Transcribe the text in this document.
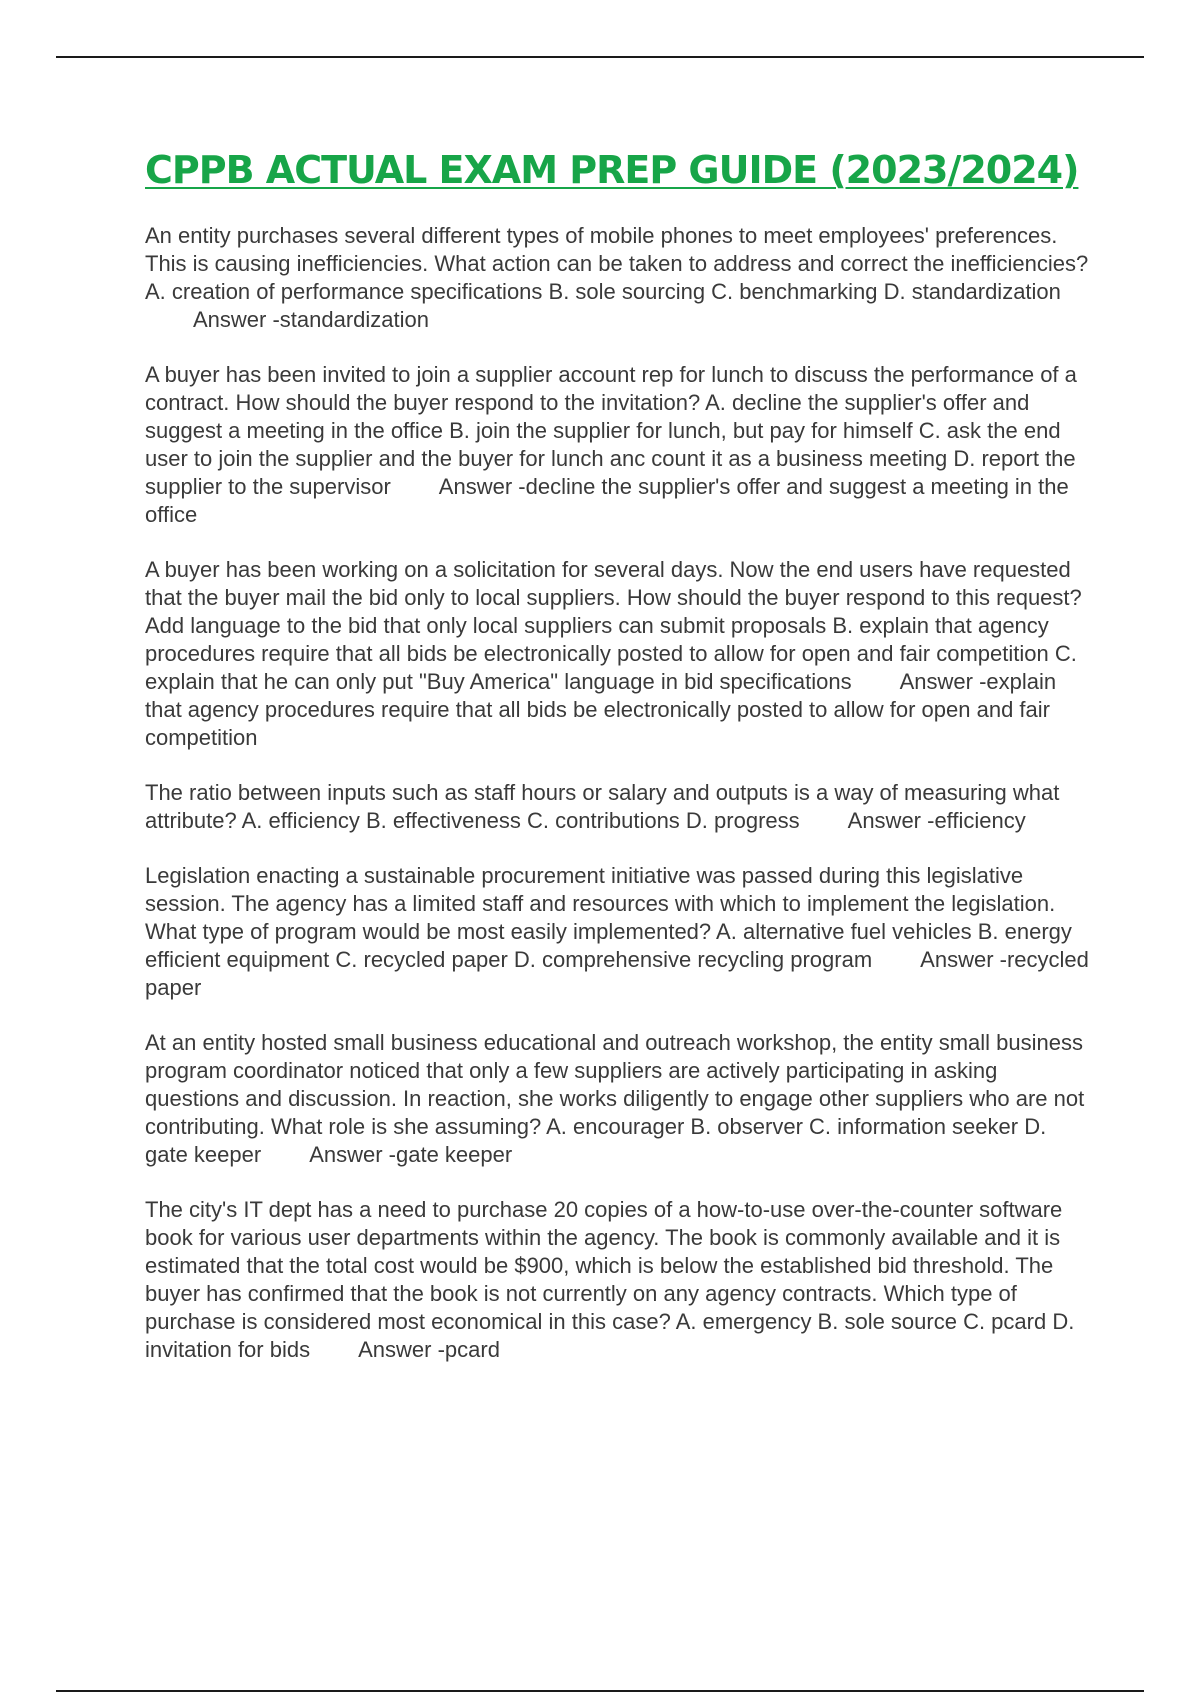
CPPB ACTUAL EXAM PREP GUIDE (2023/2024)

An entity purchases several different types of mobile phones to meet employees' preferences. This is causing inefficiencies. What action can be taken to address and correct the inefficiencies? A. creation of performance specifications B. sole sourcing C. benchmarking D. standardizationAnswer -standardization

A buyer has been invited to join a supplier account rep for lunch to discuss the performance of a contract. How should the buyer respond to the invitation? A. decline the supplier's offer and suggest a meeting in the office B. join the supplier for lunch, but pay for himself C. ask the end user to join the supplier and the buyer for lunch anc count it as a business meeting D. report the supplier to the supervisor Answer -decline the supplier's offer and suggest a meeting in the office

A buyer has been working on a solicitation for several days. Now the end users have requested that the buyer mail the bid only to local suppliers. How should the buyer respond to this request? Add language to the bid that only local suppliers can submit proposals B. explain that agency procedures require that all bids be electronically posted to allow for open and fair competition C. explain that he can only put "Buy America" language in bid specifications Answer -explain that agency procedures require that all bids be electronically posted to allow for open and fair competition

The ratio between inputs such as staff hours or salary and outputs is a way of measuring what attribute? A. efficiency B. effectiveness C. contributions D. progress Answer -efficiency

Legislation enacting a sustainable procurement initiative was passed during this legislative session. The agency has a limited staff and resources with which to implement the legislation. What type of program would be most easily implemented? A. alternative fuel vehicles B. energy efficient equipment C. recycled paper D. comprehensive recycling program Answer -recycled paper

At an entity hosted small business educational and outreach workshop, the entity small business program coordinator noticed that only a few suppliers are actively participating in asking questions and discussion. In reaction, she works diligently to engage other suppliers who are not contributing. What role is she assuming? A. encourager B. observer C. information seeker D. gate keeper Answer -gate keeper

The city's IT dept has a need to purchase 20 copies of a how-to-use over-the-counter software book for various user departments within the agency. The book is commonly available and it is estimated that the total cost would be $900, which is below the established bid threshold. The buyer has confirmed that the book is not currently on any agency contracts. Which type of purchase is considered most economical in this case? A. emergency B. sole source C. pcard D. invitation for bids Answer -pcard
